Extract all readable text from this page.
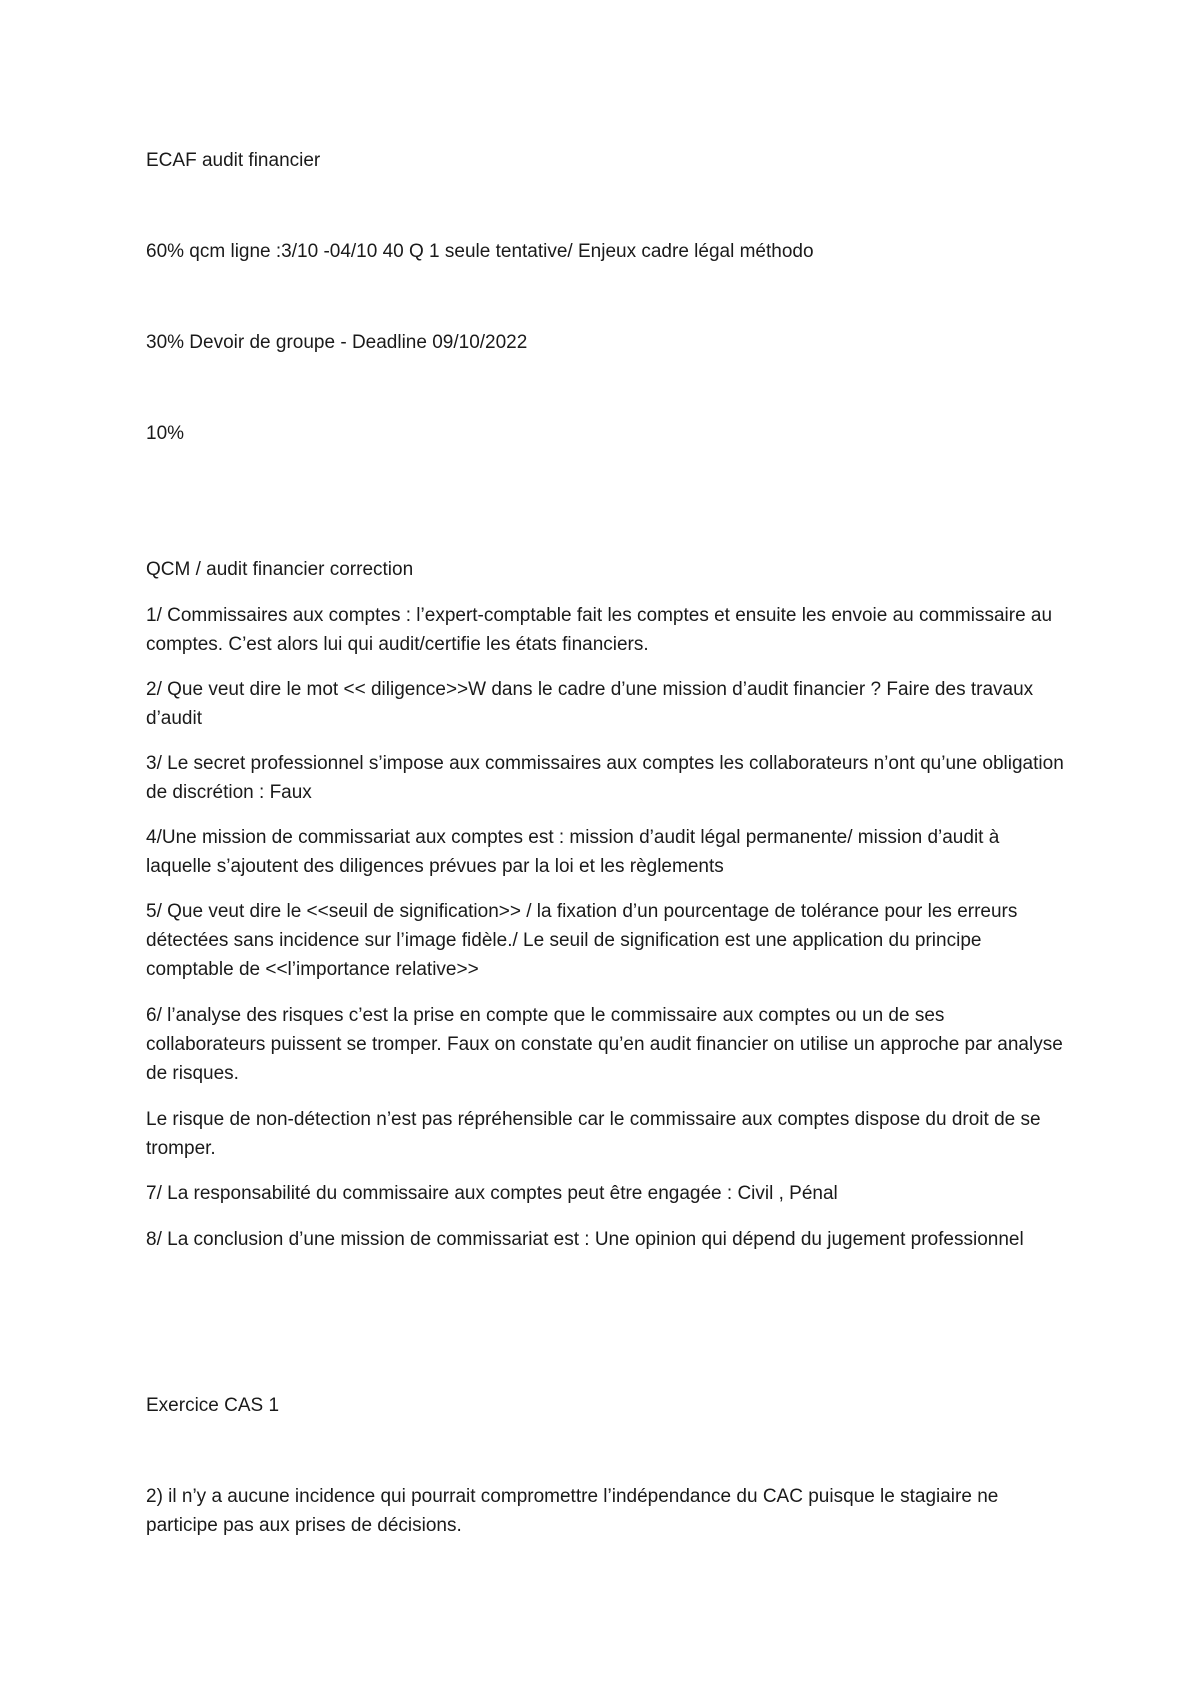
ECAF audit financier
60% qcm ligne :3/10 -04/10 40 Q 1 seule tentative/ Enjeux cadre légal méthodo
30% Devoir de groupe - Deadline 09/10/2022
10%
QCM / audit financier correction
1/ Commissaires aux comptes : l’expert-comptable fait les comptes et ensuite les envoie au commissaire au comptes. C’est alors lui qui audit/certifie les états financiers.
2/ Que veut dire le mot << diligence>>W dans le cadre d’une mission d’audit financier ? Faire des travaux d’audit
3/ Le secret professionnel s’impose aux commissaires aux comptes les collaborateurs n’ont qu’une obligation de discrétion : Faux
4/Une mission de commissariat aux comptes est : mission d’audit légal permanente/ mission d’audit à laquelle s’ajoutent des diligences prévues par la loi et les règlements
5/ Que veut dire le <<seuil de signification>> / la fixation d’un pourcentage de tolérance pour les erreurs détectées sans incidence sur l’image fidèle./ Le seuil de signification est une application du principe comptable de <<l’importance relative>>
6/ l’analyse des risques c’est la prise en compte que le commissaire aux comptes ou un de ses collaborateurs puissent se tromper. Faux on constate qu’en audit financier on utilise un approche par analyse de risques.
Le risque de non-détection n’est pas répréhensible car le commissaire aux comptes dispose du droit de se tromper.
7/ La responsabilité du commissaire aux comptes peut être engagée : Civil , Pénal
8/ La conclusion d’une mission de commissariat est : Une opinion qui dépend du jugement professionnel
Exercice CAS 1
2) il n’y a aucune incidence qui pourrait compromettre l’indépendance du CAC puisque le stagiaire ne participe pas aux prises de décisions.
